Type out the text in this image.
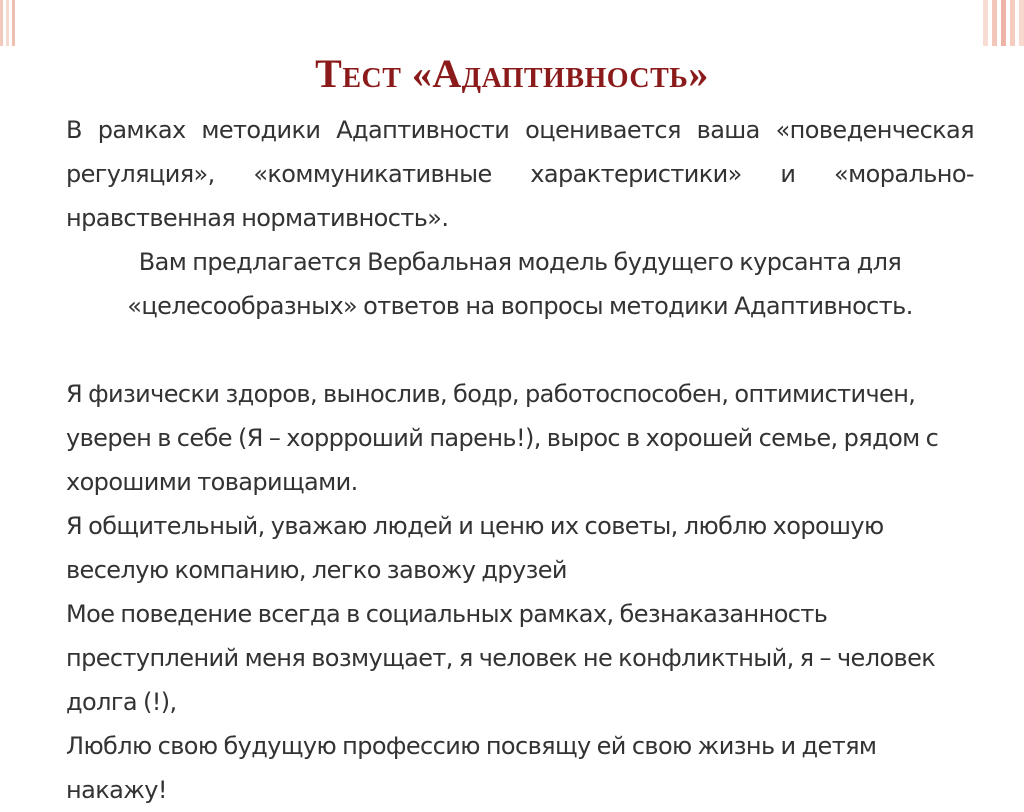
Тест «Адаптивность»

В рамках методики Адаптивности оценивается ваша «поведенческая регуляция», «коммуникативные характеристики» и «морально-нравственная нормативность».

Вам предлагается Вербальная модель будущего курсанта для

«целесообразных» ответов на вопросы методики Адаптивность.

Я физически здоров, вынослив, бодр, работоспособен, оптимистичен, уверен в себе (Я – хоррроший парень!), вырос в хорошей семье, рядом с хорошими товарищами.

Я общительный, уважаю людей и ценю их советы, люблю хорошую веселую компанию, легко завожу друзей

Мое поведение всегда в социальных рамках, безнаказанность преступлений меня возмущает, я человек не конфликтный, я – человек долга (!),

Люблю свою будущую профессию посвящу ей свою жизнь и детям накажу!
